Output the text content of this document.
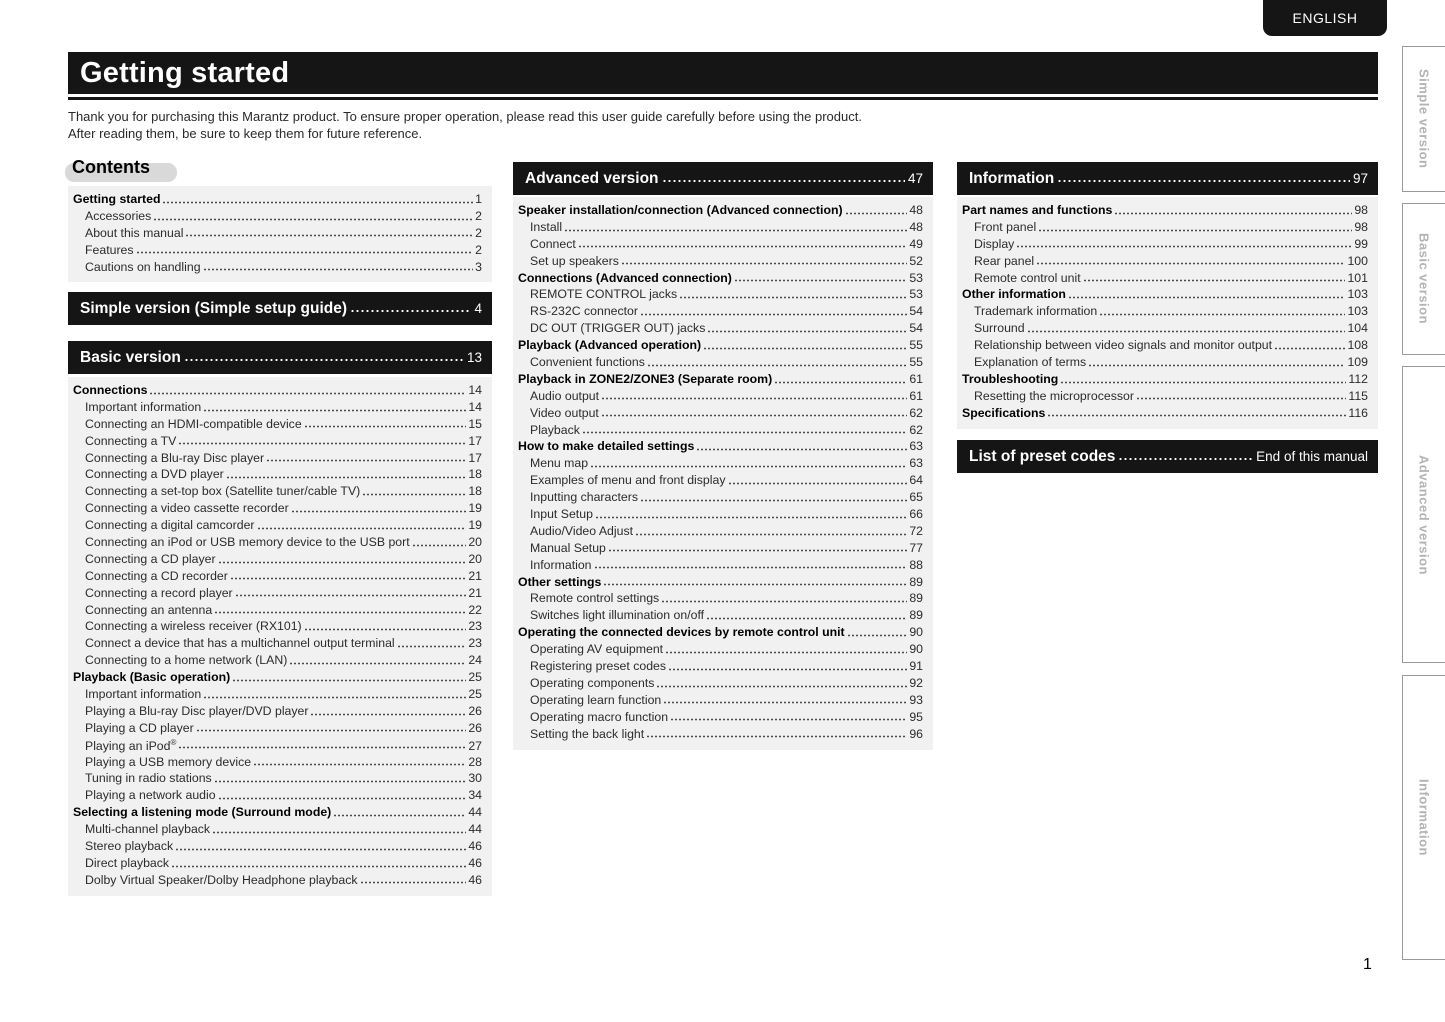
ENGLISH
Getting started

Thank you for purchasing this Marantz product. To ensure proper operation, please read this user guide carefully before using the product.

After reading them, be sure to keep them for future reference.

Contents
Getting started	1
Accessories	2
About this manual	2
Features	2
Cautions on handling	3
Simple version (Simple setup guide)	4
Basic version	13
Connections	14
Important information	14
Connecting an HDMI-compatible device	15
Connecting a TV	17
Connecting a Blu-ray Disc player	17
Connecting a DVD player	18
Connecting a set-top box (Satellite tuner/cable TV)	18
Connecting a video cassette recorder	19
Connecting a digital camcorder	19
Connecting an iPod or USB memory device to the USB port	20
Connecting a CD player	20
Connecting a CD recorder	21
Connecting a record player	21
Connecting an antenna	22
Connecting a wireless receiver (RX101)	23
Connect a device that has a multichannel output terminal	23
Connecting to a home network (LAN)	24
Playback (Basic operation)	25
Important information	25
Playing a Blu-ray Disc player/DVD player	26
Playing a CD player	26
Playing an iPod®	27
Playing a USB memory device	28
Tuning in radio stations	30
Playing a network audio	34
Selecting a listening mode (Surround mode)	44
Multi-channel playback	44
Stereo playback	46
Direct playback	46
Dolby Virtual Speaker/Dolby Headphone playback	46
Advanced version	47
Speaker installation/connection (Advanced connection)	48
Install	48
Connect	49
Set up speakers	52
Connections (Advanced connection)	53
REMOTE CONTROL jacks	53
RS-232C connector	54
DC OUT (TRIGGER OUT) jacks	54
Playback (Advanced operation)	55
Convenient functions	55
Playback in ZONE2/ZONE3 (Separate room)	61
Audio output	61
Video output	62
Playback	62
How to make detailed settings	63
Menu map	63
Examples of menu and front display	64
Inputting characters	65
Input Setup	66
Audio/Video Adjust	72
Manual Setup	77
Information	88
Other settings	89
Remote control settings	89
Switches light illumination on/off	89
Operating the connected devices by remote control unit	90
Operating AV equipment	90
Registering preset codes	91
Operating components	92
Operating learn function	93
Operating macro function	95
Setting the back light	96
Information	97
Part names and functions	98
Front panel	98
Display	99
Rear panel	100
Remote control unit	101
Other information	103
Trademark information	103
Surround	104
Relationship between video signals and monitor output	108
Explanation of terms	109
Troubleshooting	112
Resetting the microprocessor	115
Specifications	116
List of preset codes	End of this manual
Simple version
Basic version
Advanced version
Information
1
